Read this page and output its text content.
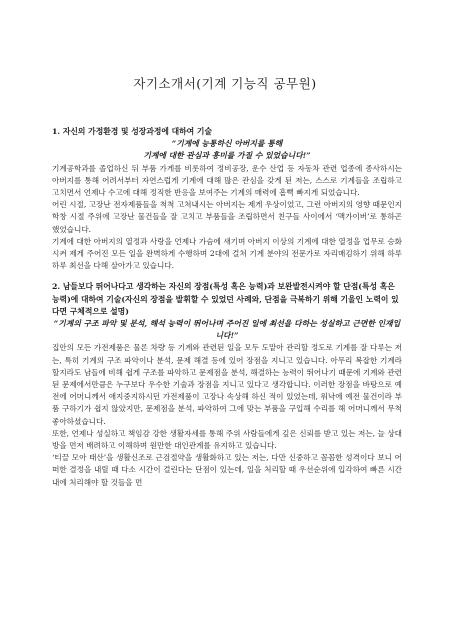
자기소개서(기계 기능직 공무원)

1. 자신의 가정환경 및 성장과정에 대하여 기술

“기계에 능통하신 아버지를 통해

기계에 대한 관심과 흥미를 가질 수 있었습니다!”

기계공학과를 졸업하신 뒤 부품 가게를 비롯하여 정비공장, 운수 산업 등 자동차 관련 업종에 종사하시는 아버지를 통해 어려서부터 자연스럽게 기계에 대해 많은 관심을 갖게 된 저는, 스스로 기계들을 조립하고 고치면서 언제나 수고에 대해 정직한 반응을 보여주는 기계의 매력에 흠뻑 빠지게 되었습니다.

어린 시절, 고장난 전자제품들을 척척 고쳐내시는 아버지는 제게 우상이었고, 그런 아버지의 영향 때문인지 학창 시절 주위에 고장난 물건들을 잘 고치고 부품들을 조립하면서 친구들 사이에서 ‘맥가이버’로 통하곤 했었습니다.

기계에 대한 아버지의 열정과 사랑을 언제나 가슴에 새기며 아버지 이상의 기계에 대한 열정을 업무로 승화시켜 제게 주어진 모든 일을 완벽하게 수행하며 2대에 걸쳐 기계 분야의 전문가로 자리매김하기 위해 하루하루 최선을 다해 살아가고 있습니다.

2. 남들보다 뛰어나다고 생각하는 자신의 장점(특성 혹은 능력)과 보완발전시켜야 할 단점(특성 혹은 능력)에 대하여 기술(자신의 장점을 발휘할 수 있었던 사례와, 단점을 극복하기 위해 기울인 노력이 있다면 구체적으로 설명)

“기계의 구조 파악 및 분석, 해석 능력이 뛰어나며 주어진 일에 최선을 다하는 성실하고 근면한 인재입니다!”

집안의 모든 가전제품은 물론 차량 등 기계와 관련된 일을 모두 도맡아 관리할 정도로 기계를 잘 다루는 저는, 특히 기계의 구조 파악이나 분석, 문제 해결 등에 있어 장점을 지니고 있습니다. 아무리 복잡한 기계라 할지라도 남들에 비해 쉽게 구조를 파악하고 문제점을 분석, 해결하는 능력이 뛰어나기 때문에 기계와 관련된 문제에서만큼은 누구보다 우수한 기술과 장점을 지니고 있다고 생각합니다. 이러한 장점을 바탕으로 예전에 어머니께서 애지중지하시던 가전제품이 고장나 속상해 하신 적이 있었는데, 워낙에 예전 물건이라 부품 구하기가 쉽지 않았지만, 문제점을 분석, 파악하여 그에 맞는 부품을 구입해 수리를 해 어머니께서 무척 좋아하셨습니다.

또한, 언제나 성실하고 책임감 강한 생활자세를 통해 주위 사람들에게 깊은 신뢰를 받고 있는 저는, 늘 상대방을 먼저 배려하고 이해하며 원만한 대인관계를 유지하고 있습니다.

‘티끌 모아 태산’을 생활신조로 근검절약을 생활화하고 있는 저는, 다만 신중하고 꼼꼼한 성격이다 보니 어떠한 결정을 내릴 때 다소 시간이 걸린다는 단점이 있는데, 일을 처리할 때 우선순위에 입각하여 빠른 시간 내에 처리해야 할 것들을 먼
